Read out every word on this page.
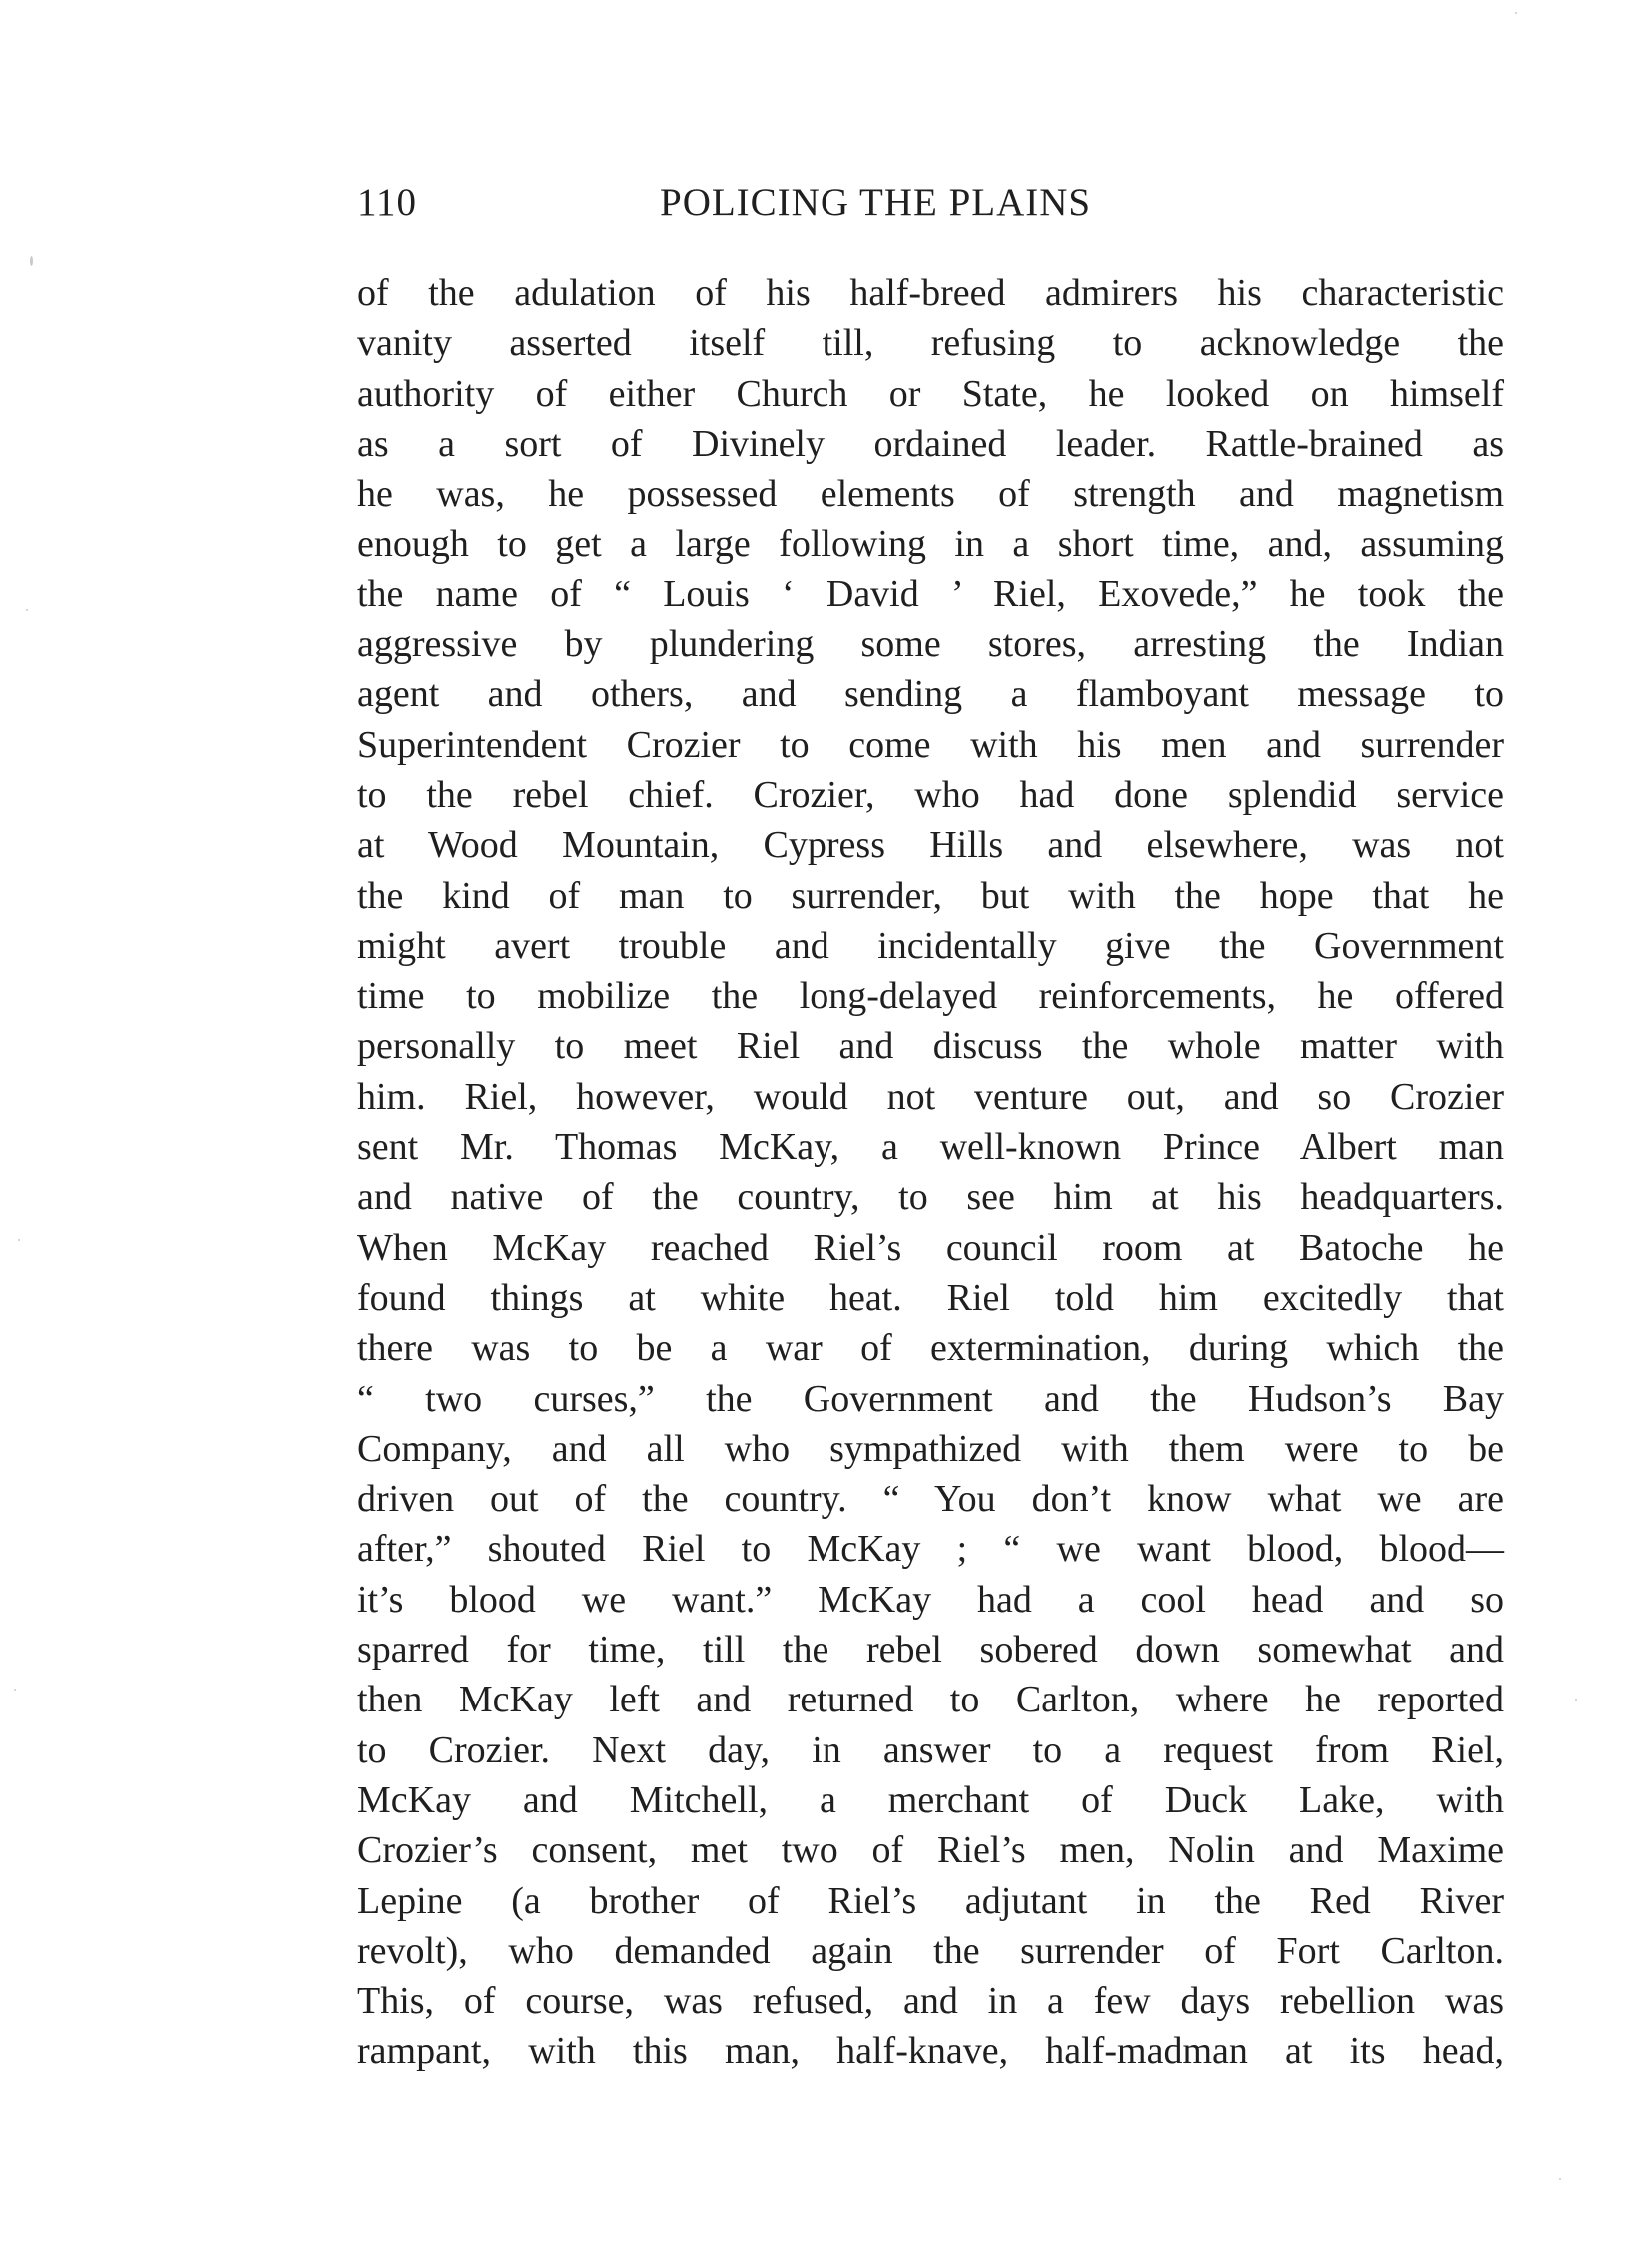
110	POLICING THE PLAINS
of the adulation of his half-breed admirers his characteristic
vanity asserted itself till, refusing to acknowledge the
authority of either Church or State, he looked on himself
as a sort of Divinely ordained leader. Rattle-brained as
he was, he possessed elements of strength and magnetism
enough to get a large following in a short time, and, assuming
the name of “ Louis ‘ David ’ Riel, Exovede,” he took the
aggressive by plundering some stores, arresting the Indian
agent and others, and sending a flamboyant message to
Superintendent Crozier to come with his men and surrender
to the rebel chief. Crozier, who had done splendid service
at Wood Mountain, Cypress Hills and elsewhere, was not
the kind of man to surrender, but with the hope that he
might avert trouble and incidentally give the Government
time to mobilize the long-delayed reinforcements, he offered
personally to meet Riel and discuss the whole matter with
him. Riel, however, would not venture out, and so Crozier
sent Mr. Thomas McKay, a well-known Prince Albert man
and native of the country, to see him at his headquarters.
When McKay reached Riel’s council room at Batoche he
found things at white heat. Riel told him excitedly that
there was to be a war of extermination, during which the
“ two curses,” the Government and the Hudson’s Bay
Company, and all who sympathized with them were to be
driven out of the country. “ You don’t know what we are
after,” shouted Riel to McKay ; “ we want blood, blood—
it’s blood we want.” McKay had a cool head and so
sparred for time, till the rebel sobered down somewhat and
then McKay left and returned to Carlton, where he reported
to Crozier. Next day, in answer to a request from Riel,
McKay and Mitchell, a merchant of Duck Lake, with
Crozier’s consent, met two of Riel’s men, Nolin and Maxime
Lepine (a brother of Riel’s adjutant in the Red River
revolt), who demanded again the surrender of Fort Carlton.
This, of course, was refused, and in a few days rebellion was
rampant, with this man, half-knave, half-madman at its head,
